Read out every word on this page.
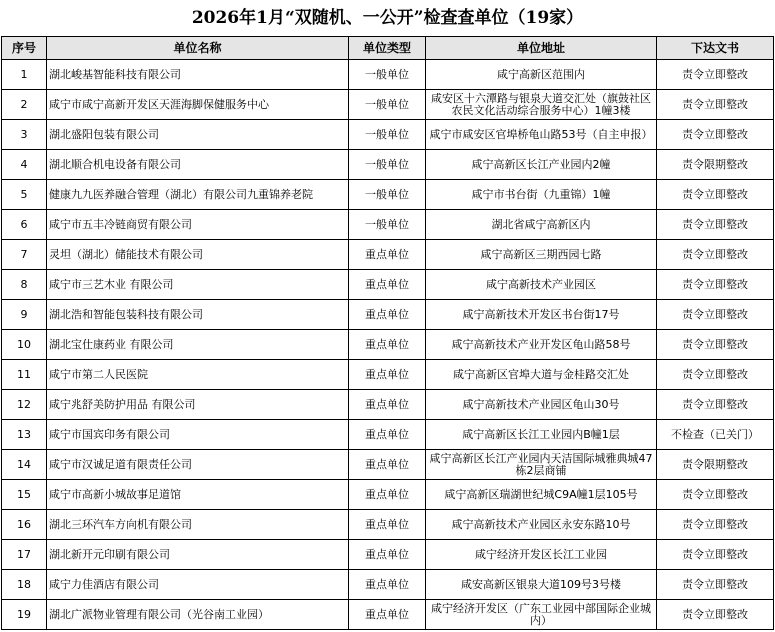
2026年1月“双随机、一公开”检查查单位（19家）
序号	单位名称	单位类型	单位地址	下达文书
1	湖北峻基智能科技有限公司	一般单位	咸宁高新区范围内	责令立即整改
2	咸宁市咸宁高新开发区天涯海脚保健服务中心	一般单位	咸安区十六潭路与银泉大道交汇处（旗鼓社区农民文化活动综合服务中心）1幢3楼	责令立即整改
3	湖北盛阳包装有限公司	一般单位	咸宁市咸安区官埠桥龟山路53号（自主申报）	责令立即整改
4	湖北顺合机电设备有限公司	一般单位	咸宁高新区长江产业园内2幢	责令限期整改
5	健康九九医养融合管理（湖北）有限公司九重锦养老院	一般单位	咸宁市书台街（九重锦）1幢	责令立即整改
6	咸宁市五丰冷链商贸有限公司	一般单位	湖北省咸宁高新区内	责令立即整改
7	灵坦（湖北）储能技术有限公司	重点单位	咸宁高新区三期西园七路	责令立即整改
8	咸宁市三艺木业 有限公司	重点单位	咸宁高新技术产业园区	责令立即整改
9	湖北浩和智能包装科技有限公司	重点单位	咸宁高新技术开发区书台街17号	责令立即整改
10	湖北宝仕康药业 有限公司	重点单位	咸宁高新技术产业开发区龟山路58号	责令立即整改
11	咸宁市第二人民医院	重点单位	咸宁高新区官埠大道与金桂路交汇处	责令立即整改
12	咸宁兆舒美防护用品 有限公司	重点单位	咸宁高新技术产业园区龟山30号	责令立即整改
13	咸宁市国宾印务有限公司	重点单位	咸宁高新区长江工业园内B幢1层	不检查（已关门）
14	咸宁市汉诚足道有限责任公司	重点单位	咸宁高新区长江产业园内天洁国际城雅典城47栋2层商铺	责令限期整改
15	咸宁市高新小城故事足道馆	重点单位	咸宁高新区瑞湖世纪城C9A幢1层105号	责令立即整改
16	湖北三环汽车方向机有限公司	重点单位	咸宁高新技术产业园区永安东路10号	责令立即整改
17	湖北新开元印刷有限公司	重点单位	咸宁经济开发区长江工业园	责令立即整改
18	咸宁力佳酒店有限公司	重点单位	咸安高新区银泉大道109号3号楼	责令立即整改
19	湖北广派物业管理有限公司（光谷南工业园）	重点单位	咸宁经济开发区（广东工业园中部国际企业城内）	责令立即整改
